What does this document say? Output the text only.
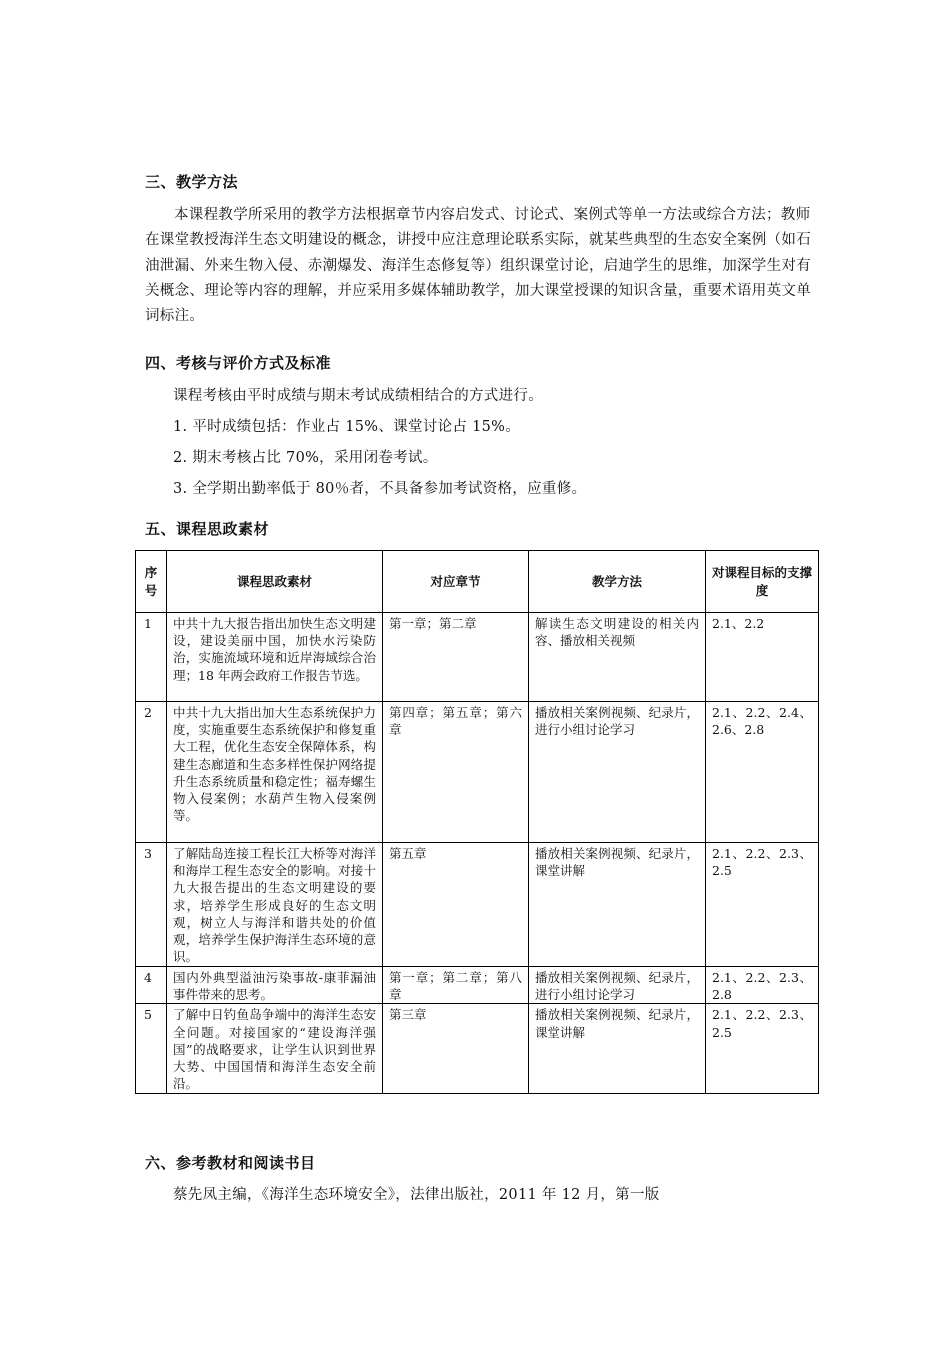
三、教学方法
本课程教学所采用的教学方法根据章节内容启发式、讨论式、案例式等单一方法或综合方法；教师在课堂教授海洋生态文明建设的概念，讲授中应注意理论联系实际，就某些典型的生态安全案例（如石油泄漏、外来生物入侵、赤潮爆发、海洋生态修复等）组织课堂讨论，启迪学生的思维，加深学生对有关概念、理论等内容的理解，并应采用多媒体辅助教学，加大课堂授课的知识含量，重要术语用英文单词标注。
四、考核与评价方式及标准
课程考核由平时成绩与期末考试成绩相结合的方式进行。
1. 平时成绩包括：作业占 15%、课堂讨论占 15%。
2. 期末考核占比 70%，采用闭卷考试。
3. 全学期出勤率低于 80％者，不具备参加考试资格，应重修。
五、课程思政素材
序号	课程思政素材	对应章节	教学方法	对课程目标的支撑度
1	中共十九大报告指出加快生态文明建设，建设美丽中国，加快水污染防治，实施流域环境和近岸海域综合治理；18 年两会政府工作报告节选。	第一章；第二章	解读生态文明建设的相关内容、播放相关视频	2.1、2.2
2	中共十九大指出加大生态系统保护力度，实施重要生态系统保护和修复重大工程，优化生态安全保障体系，构建生态廊道和生态多样性保护网络提升生态系统质量和稳定性；福寿螺生物入侵案例；水葫芦生物入侵案例等。	第四章；第五章；第六章	播放相关案例视频、纪录片，进行小组讨论学习	2.1、2.2、2.4、2.6、2.8
3	了解陆岛连接工程长江大桥等对海洋和海岸工程生态安全的影响。对接十九大报告提出的生态文明建设的要求，培养学生形成良好的生态文明观，树立人与海洋和谐共处的价值观，培养学生保护海洋生态环境的意识。	第五章	播放相关案例视频、纪录片，课堂讲解	2.1、2.2、2.3、2.5
4	国内外典型溢油污染事故-康菲漏油事件带来的思考。	第一章；第二章；第八章	播放相关案例视频、纪录片，进行小组讨论学习	2.1、2.2、2.3、2.8
5	了解中日钓鱼岛争端中的海洋生态安全问题。对接国家的“建设海洋强国”的战略要求，让学生认识到世界大势、中国国情和海洋生态安全前沿。	第三章	播放相关案例视频、纪录片，课堂讲解	2.1、2.2、2.3、2.5
六、参考教材和阅读书目
蔡先凤主编，《海洋生态环境安全》，法律出版社，2011 年 12 月，第一版
